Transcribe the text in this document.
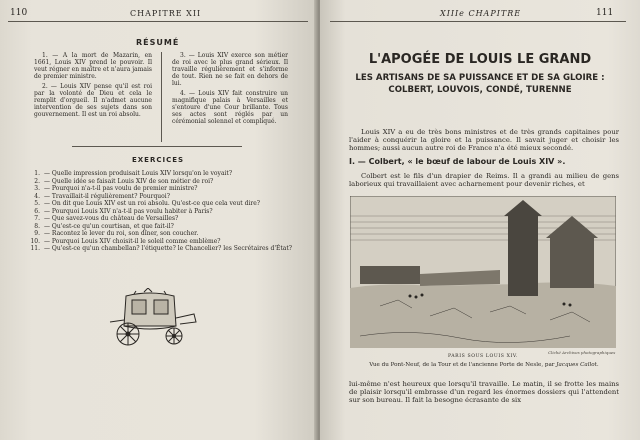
110	CHAPITRE XII
RÉSUMÉ

1. — A la mort de Mazarin, en 1661, Louis XIV prend le pouvoir. Il veut régner en maître et n'aura jamais de premier ministre.

2. — Louis XIV pense qu'il est roi par la volonté de Dieu et cela le remplit d'orgueil. Il n'admet aucune intervention de ses sujets dans son gouvernement. Il est un roi absolu.

3. — Louis XIV exerce son métier de roi avec le plus grand sérieux. Il travaille régulièrement et s'informe de tout. Rien ne se fait en dehors de lui.

4. — Louis XIV fait construire un magnifique palais à Versailles et s'entoure d'une Cour brillante. Tous ses actes sont réglés par un cérémonial solennel et compliqué.

EXERCICES
1. — Quelle impression produisait Louis XIV lorsqu'on le voyait?
2. — Quelle idée se faisait Louis XIV de son métier de roi?
3. — Pourquoi n'a-t-il pas voulu de premier ministre?
4. — Travaillait-il régulièrement? Pourquoi?
5. — On dit que Louis XIV est un roi absolu. Qu'est-ce que cela veut dire?
6. — Pourquoi Louis XIV n'a-t-il pas voulu habiter à Paris?
7. — Que savez-vous du château de Versailles?
8. — Qu'est-ce qu'un courtisan, et que fait-il?
9. — Racontez le lever du roi, son dîner, son coucher.
10. — Pourquoi Louis XIV choisit-il le soleil comme emblème?
11. — Qu'est-ce qu'un chambellan? l'étiquette? le Chancelier? les Secrétaires d'État?
XIIIe CHAPITRE	111
L'APOGÉE DE LOUIS LE GRAND
LES ARTISANS DE SA PUISSANCE ET DE SA GLOIRE :
COLBERT, LOUVOIS, CONDÉ, TURENNE

Louis XIV a eu de très bons ministres et de très grands capitaines pour l'aider à conquérir la gloire et la puissance. Il savait juger et choisir les hommes; aussi aucun autre roi de France n'a été mieux secondé.

I. — Colbert, « le bœuf de labour de Louis XIV ».

Colbert est le fils d'un drapier de Reims. Il a grandi au milieu de gens laborieux qui travaillaient avec acharnement pour devenir riches, et

Cliché Archives photographiques
PARIS SOUS LOUIS XIV.
Vue du Pont-Neuf, de la Tour et de l'ancienne Porte de Nesle, par Jacques Callot.

lui-même n'est heureux que lorsqu'il travaille. Le matin, il se frotte les mains de plaisir lorsqu'il embrasse d'un regard les énormes dossiers qui l'attendent sur son bureau. Il fait la besogne écrasante de six
